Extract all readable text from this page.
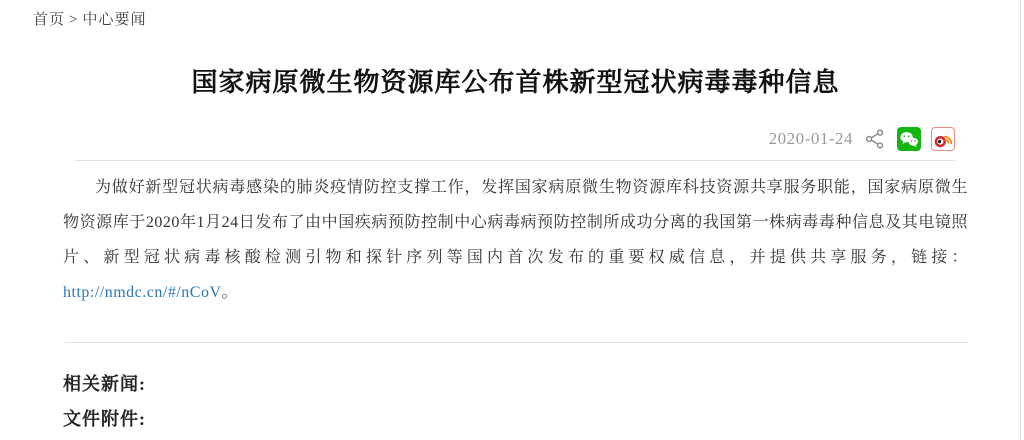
首页 > 中心要闻
国家病原微生物资源库公布首株新型冠状病毒毒种信息
2020-01-24

为做好新型冠状病毒感染的肺炎疫情防控支撑工作，发挥国家病原微生物资源库科技资源共享服务职能，国家病原微生物资源库于2020年1月24日发布了由中国疾病预防控制中心病毒病预防控制所成功分离的我国第一株病毒毒种信息及其电镜照片、新型冠状病毒核酸检测引物和探针序列等国内首次发布的重要权威信息，并提供共享服务，链接：http://nmdc.cn/#/nCoV。

相关新闻:
文件附件:
